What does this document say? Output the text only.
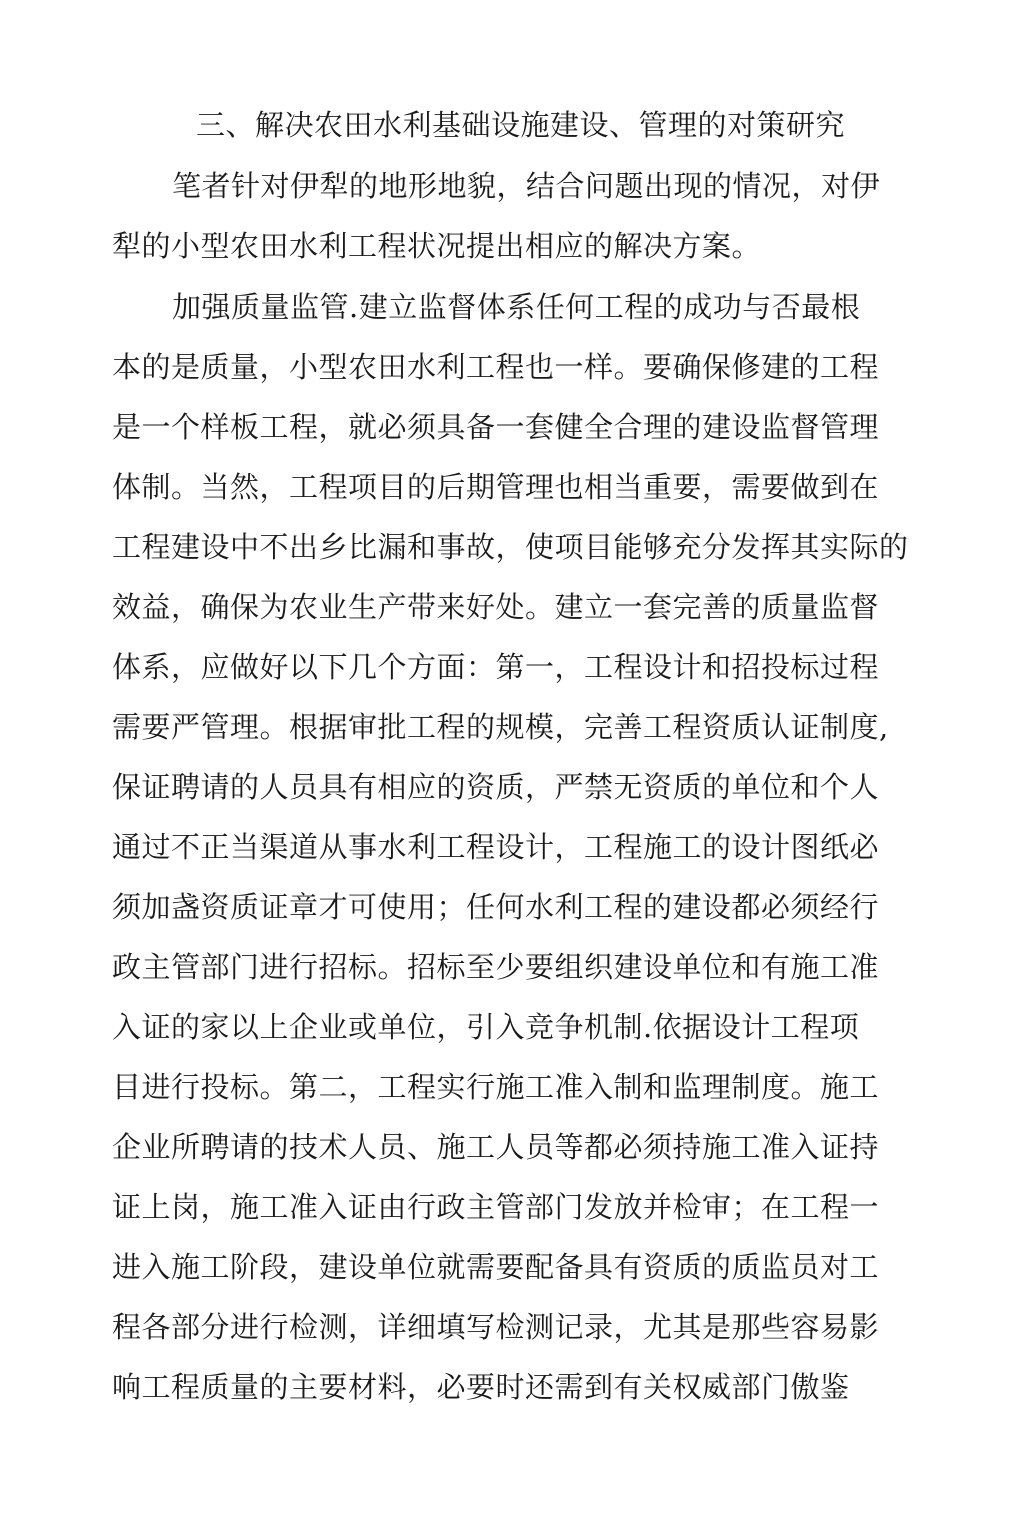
三、解决农田水利基础设施建设、管理的对策研究
笔者针对伊犁的地形地貌，结合问题出现的情况，对伊
犁的小型农田水利工程状况提出相应的解决方案。
加强质量监管.建立监督体系任何工程的成功与否最根
本的是质量，小型农田水利工程也一样。要确保修建的工程
是一个样板工程，就必须具备一套健全合理的建设监督管理
体制。当然，工程项目的后期管理也相当重要，需要做到在
工程建设中不出乡比漏和事故，使项目能够充分发挥其实际的
效益，确保为农业生产带来好处。建立一套完善的质量监督
体系，应做好以下几个方面：第一，工程设计和招投标过程
需要严管理。根据审批工程的规模，完善工程资质认证制度,
保证聘请的人员具有相应的资质，严禁无资质的单位和个人
通过不正当渠道从事水利工程设计，工程施工的设计图纸必
须加盏资质证章才可使用；任何水利工程的建设都必须经行
政主管部门进行招标。招标至少要组织建设单位和有施工准
入证的家以上企业或单位，引入竞争机制.依据设计工程项
目进行投标。第二，工程实行施工准入制和监理制度。施工
企业所聘请的技术人员、施工人员等都必须持施工准入证持
证上岗，施工准入证由行政主管部门发放并检审；在工程一
进入施工阶段，建设单位就需要配备具有资质的质监员对工
程各部分进行检测，详细填写检测记录，尤其是那些容易影
响工程质量的主要材料，必要时还需到有关权威部门傲鉴
